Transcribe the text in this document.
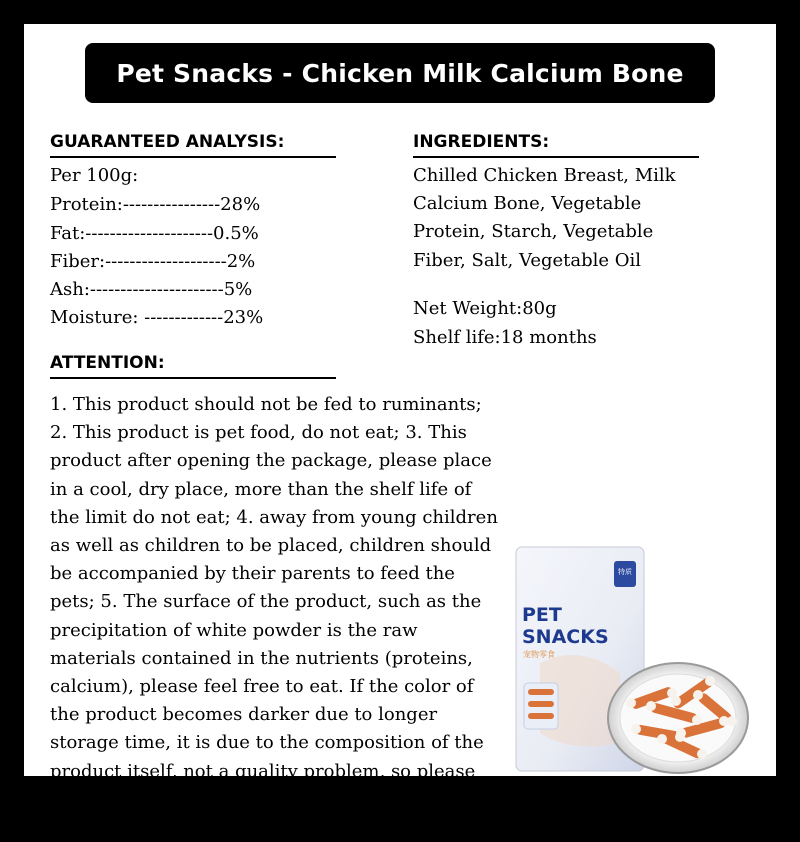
Pet Snacks - Chicken Milk Calcium Bone
GUARANTEED ANALYSIS:
Per 100g:
Protein:----------------28%
Fat:---------------------0.5%
Fiber:--------------------2%
Ash:----------------------5%
Moisture: -------------23%
INGREDIENTS:
Chilled Chicken Breast, Milk
Calcium Bone, Vegetable
Protein, Starch, Vegetable
Fiber, Salt, Vegetable Oil
Net Weight:80g
Shelf life:18 months
ATTENTION:
特质
PET
SNACKS
宠物零食
1. This product should not be fed to ruminants; 2. This product is pet food, do not eat; 3. This product after opening the package, please place in a cool, dry place, more than the shelf life of the limit do not eat; 4. away from young children as well as children to be placed, children should be accompanied by their parents to feed the pets; 5. The surface of the product, such as the precipitation of white powder is the raw materials contained in the nutrients (proteins, calcium), please feel free to eat. If the color of the product becomes darker due to longer storage time, it is due to the composition of the product itself, not a quality problem, so please feel free to give your pet food.room temperature, dry, cool and sealed, avoid direct sunlight, sealed after opening and stored
